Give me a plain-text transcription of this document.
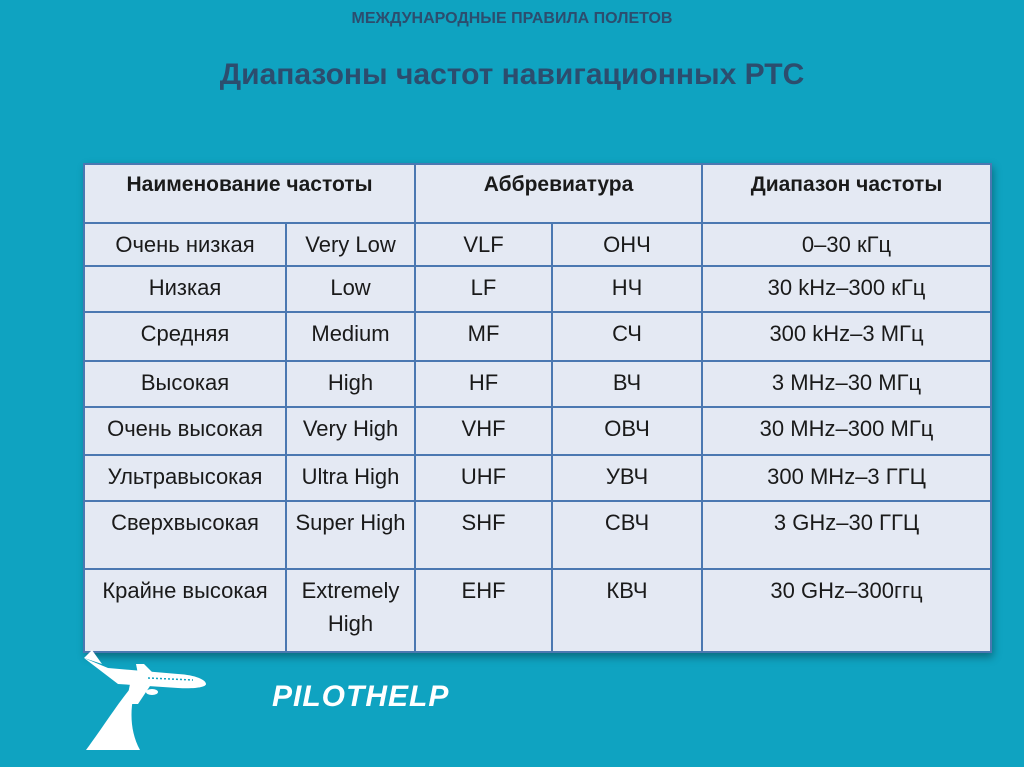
МЕЖДУНАРОДНЫЕ ПРАВИЛА ПОЛЕТОВ
Диапазоны частот навигационных РТС
Наименование частоты		Аббревиатура		Диапазон частоты
Очень низкая	Very Low	VLF	ОНЧ	0–30 кГц
Низкая	Low	LF	НЧ	30 kHz–300 кГц
Средняя	Medium	MF	СЧ	300 kHz–3 МГц
Высокая	High	HF	ВЧ	3 MHz–30 МГц
Очень высокая	Very High	VHF	ОВЧ	30 MHz–300 МГц
Ультравысокая	Ultra High	UHF	УВЧ	300 MHz–3 ГГЦ
Сверхвысокая	Super High	SHF	СВЧ	3 GHz–30 ГГЦ
Крайне высокая	Extremely High	EHF	КВЧ	30 GHz–300ггц
PILOTHELP
